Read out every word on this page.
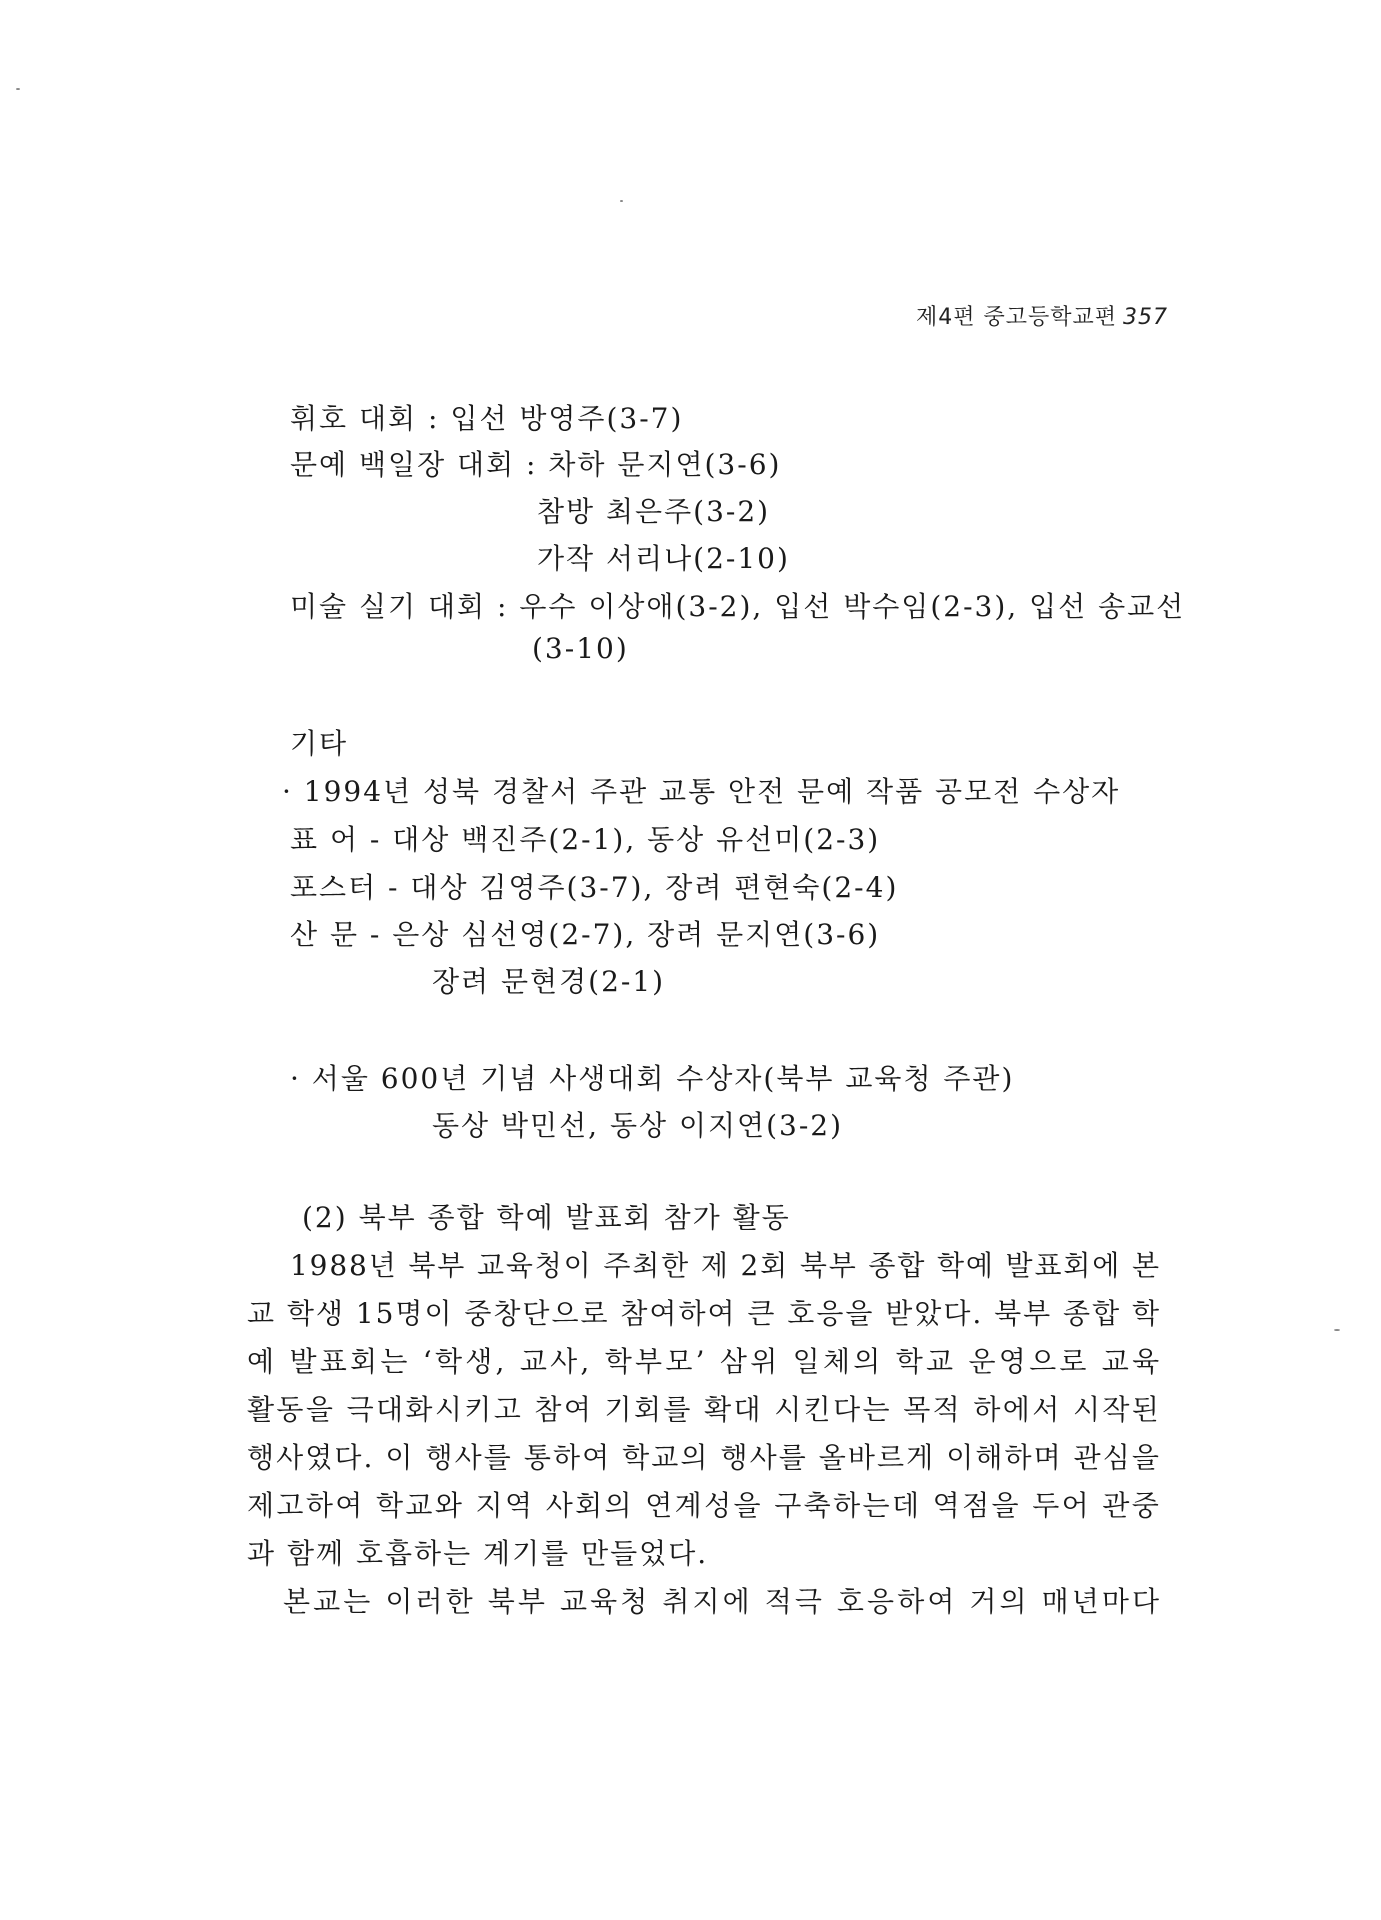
제4편 중고등학교편 357
휘호 대회 : 입선 방영주(3-7)
문예 백일장 대회 : 차하 문지연(3-6)
참방 최은주(3-2)
가작 서리나(2-10)
미술 실기 대회 : 우수 이상애(3-2), 입선 박수임(2-3), 입선 송교선
(3-10)
기타
· 1994년 성북 경찰서 주관 교통 안전 문예 작품 공모전 수상자
표 어 - 대상 백진주(2-1), 동상 유선미(2-3)
포스터 - 대상 김영주(3-7), 장려 편현숙(2-4)
산 문 - 은상 심선영(2-7), 장려 문지연(3-6)
장려 문현경(2-1)
· 서울 600년 기념 사생대회 수상자(북부 교육청 주관)
동상 박민선, 동상 이지연(3-2)
(2) 북부 종합 학예 발표회 참가 활동
1988년 북부 교육청이 주최한 제 2회 북부 종합 학예 발표회에 본
교 학생 15명이 중창단으로 참여하여 큰 호응을 받았다. 북부 종합 학
예 발표회는 ‘학생, 교사, 학부모’ 삼위 일체의 학교 운영으로 교육
활동을 극대화시키고 참여 기회를 확대 시킨다는 목적 하에서 시작된
행사였다. 이 행사를 통하여 학교의 행사를 올바르게 이해하며 관심을
제고하여 학교와 지역 사회의 연계성을 구축하는데 역점을 두어 관중
과 함께 호흡하는 계기를 만들었다.
본교는 이러한 북부 교육청 취지에 적극 호응하여 거의 매년마다
